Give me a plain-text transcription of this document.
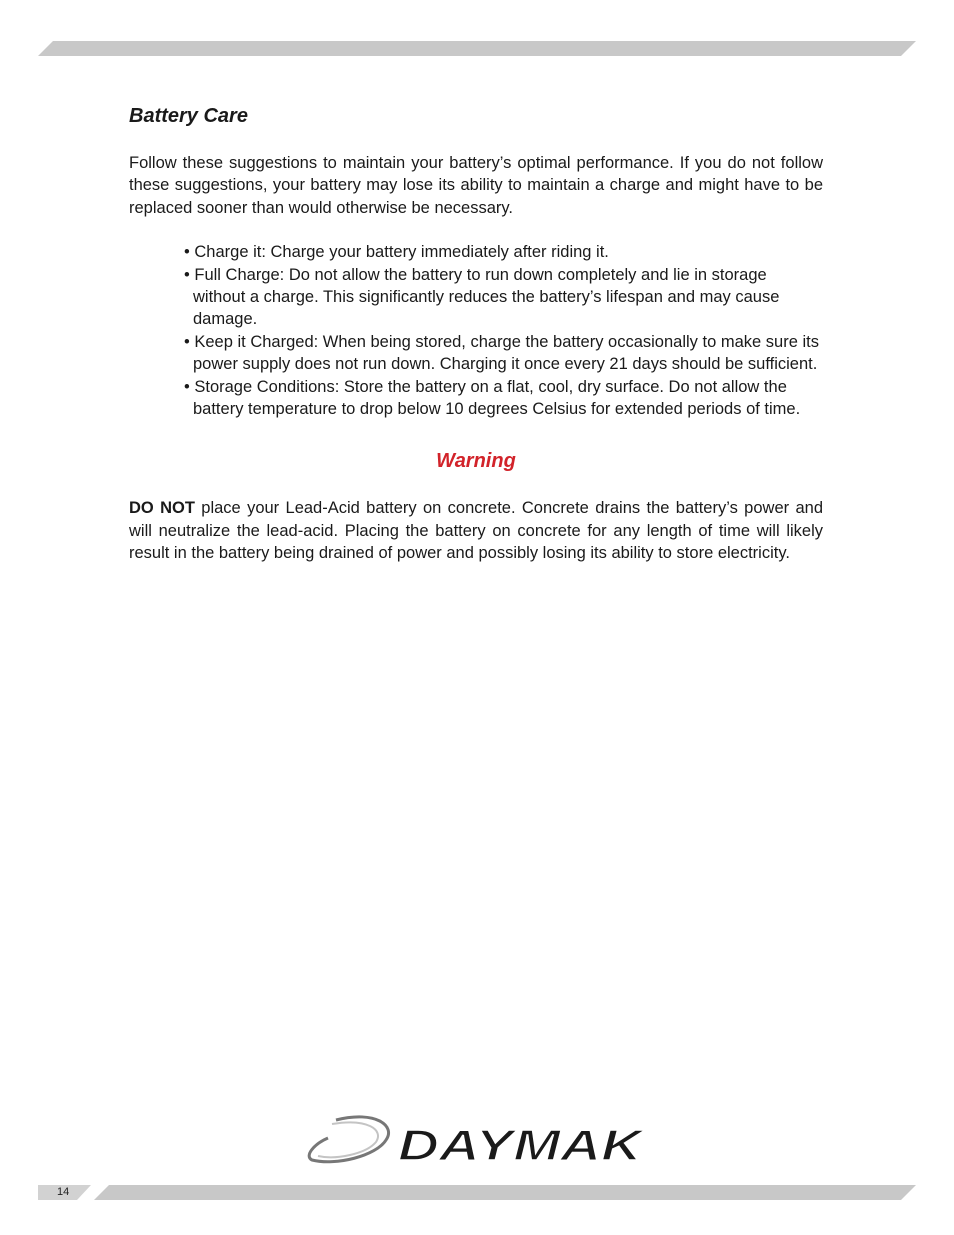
Battery Care

Follow these suggestions to maintain your battery’s optimal performance. If you do not follow these suggestions, your battery may lose its ability to maintain a charge and might have to be replaced sooner than would otherwise be necessary.

• Charge it: Charge your battery immediately after riding it.
• Full Charge: Do not allow the battery to run down completely and lie in storage without a charge. This significantly reduces the battery’s lifespan and may cause damage.
• Keep it Charged: When being stored, charge the battery occasionally to make sure its power supply does not run down. Charging it once every 21 days should be sufficient.
• Storage Conditions: Store the battery on a flat, cool, dry surface. Do not allow the battery temperature to drop below 10 degrees Celsius for extended periods of time.
Warning

DO NOT place your Lead-Acid battery on concrete. Concrete drains the battery’s power and will neutralize the lead-acid. Placing the battery on concrete for any length of time will likely result in the battery being drained of power and possibly losing its ability to store electricity.

DAYMAK
14
